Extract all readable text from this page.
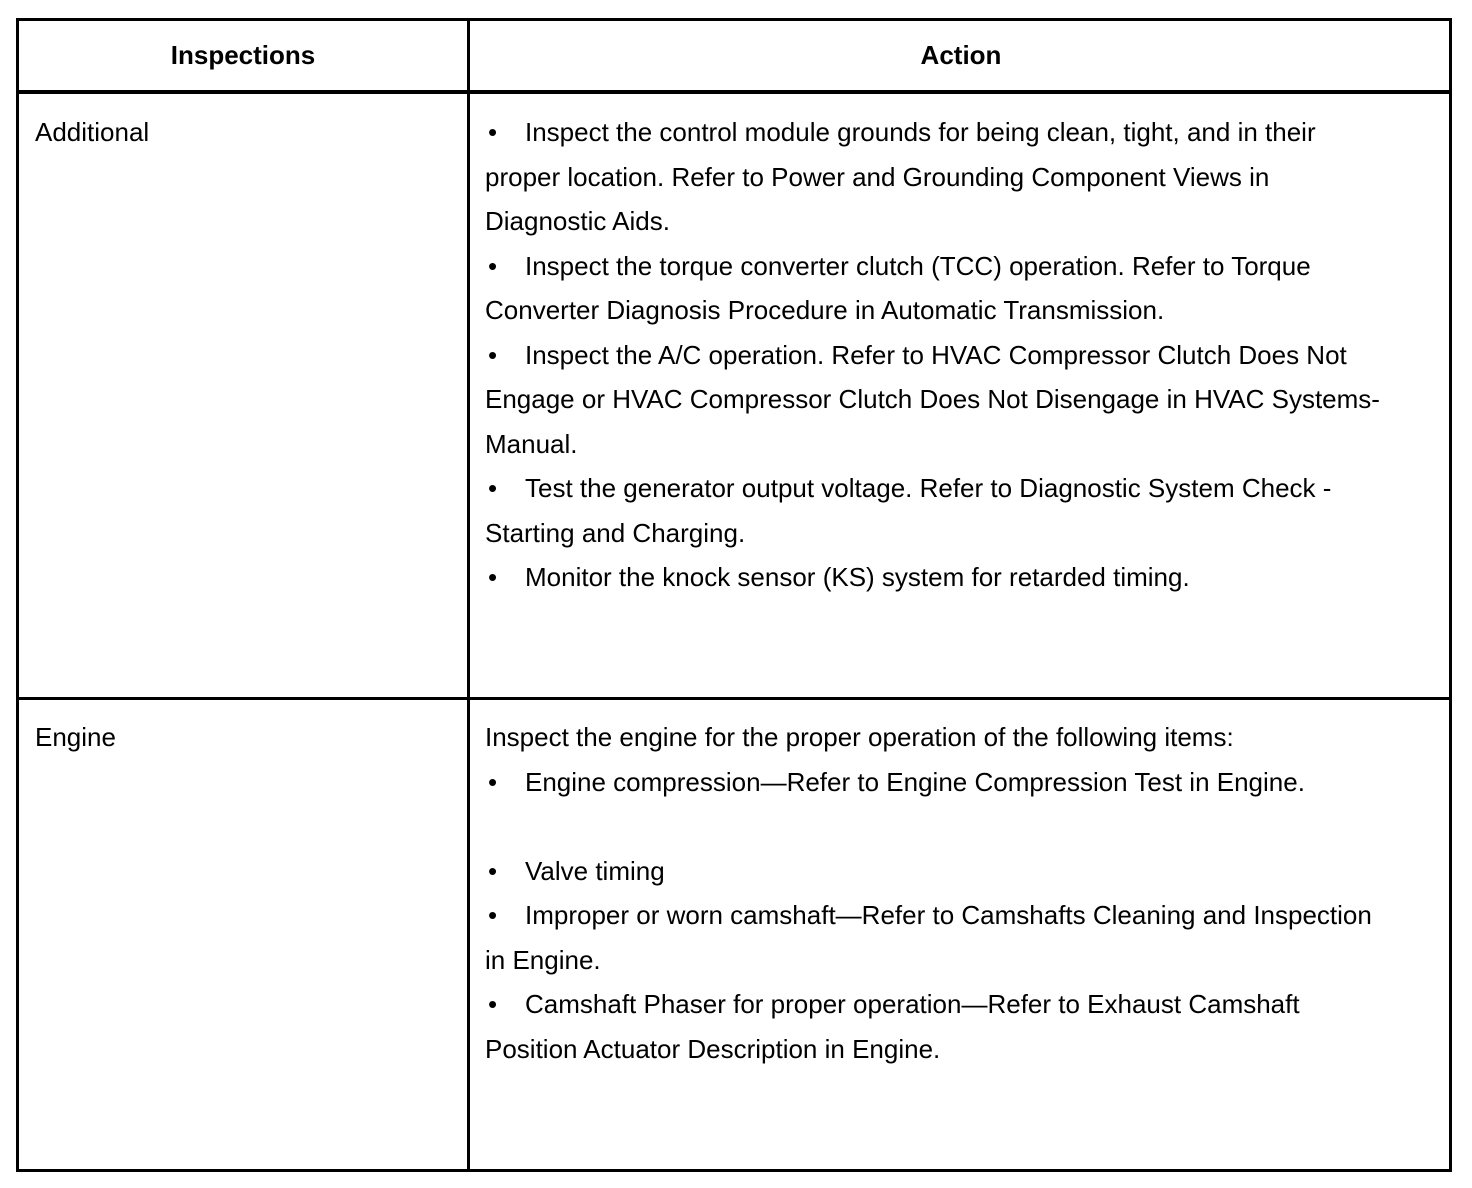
Inspections	Action
Additional	• Inspect the control module grounds for being clean, tight, and in their proper location. Refer to Power and Grounding Component Views in Diagnostic Aids.

• Inspect the torque converter clutch (TCC) operation. Refer to Torque Converter Diagnosis Procedure in Automatic Transmission.

• Inspect the A/C operation. Refer to HVAC Compressor Clutch Does Not Engage or HVAC Compressor Clutch Does Not Disengage in HVAC Systems- Manual.

• Test the generator output voltage. Refer to Diagnostic System Check - Starting and Charging.

• Monitor the knock sensor (KS) system for retarded timing.

Engine	Inspect the engine for the proper operation of the following items:

• Engine compression—Refer to Engine Compression Test in Engine.

• Valve timing

• Improper or worn camshaft—Refer to Camshafts Cleaning and Inspection in Engine.

• Camshaft Phaser for proper operation—Refer to Exhaust Camshaft Position Actuator Description in Engine.
